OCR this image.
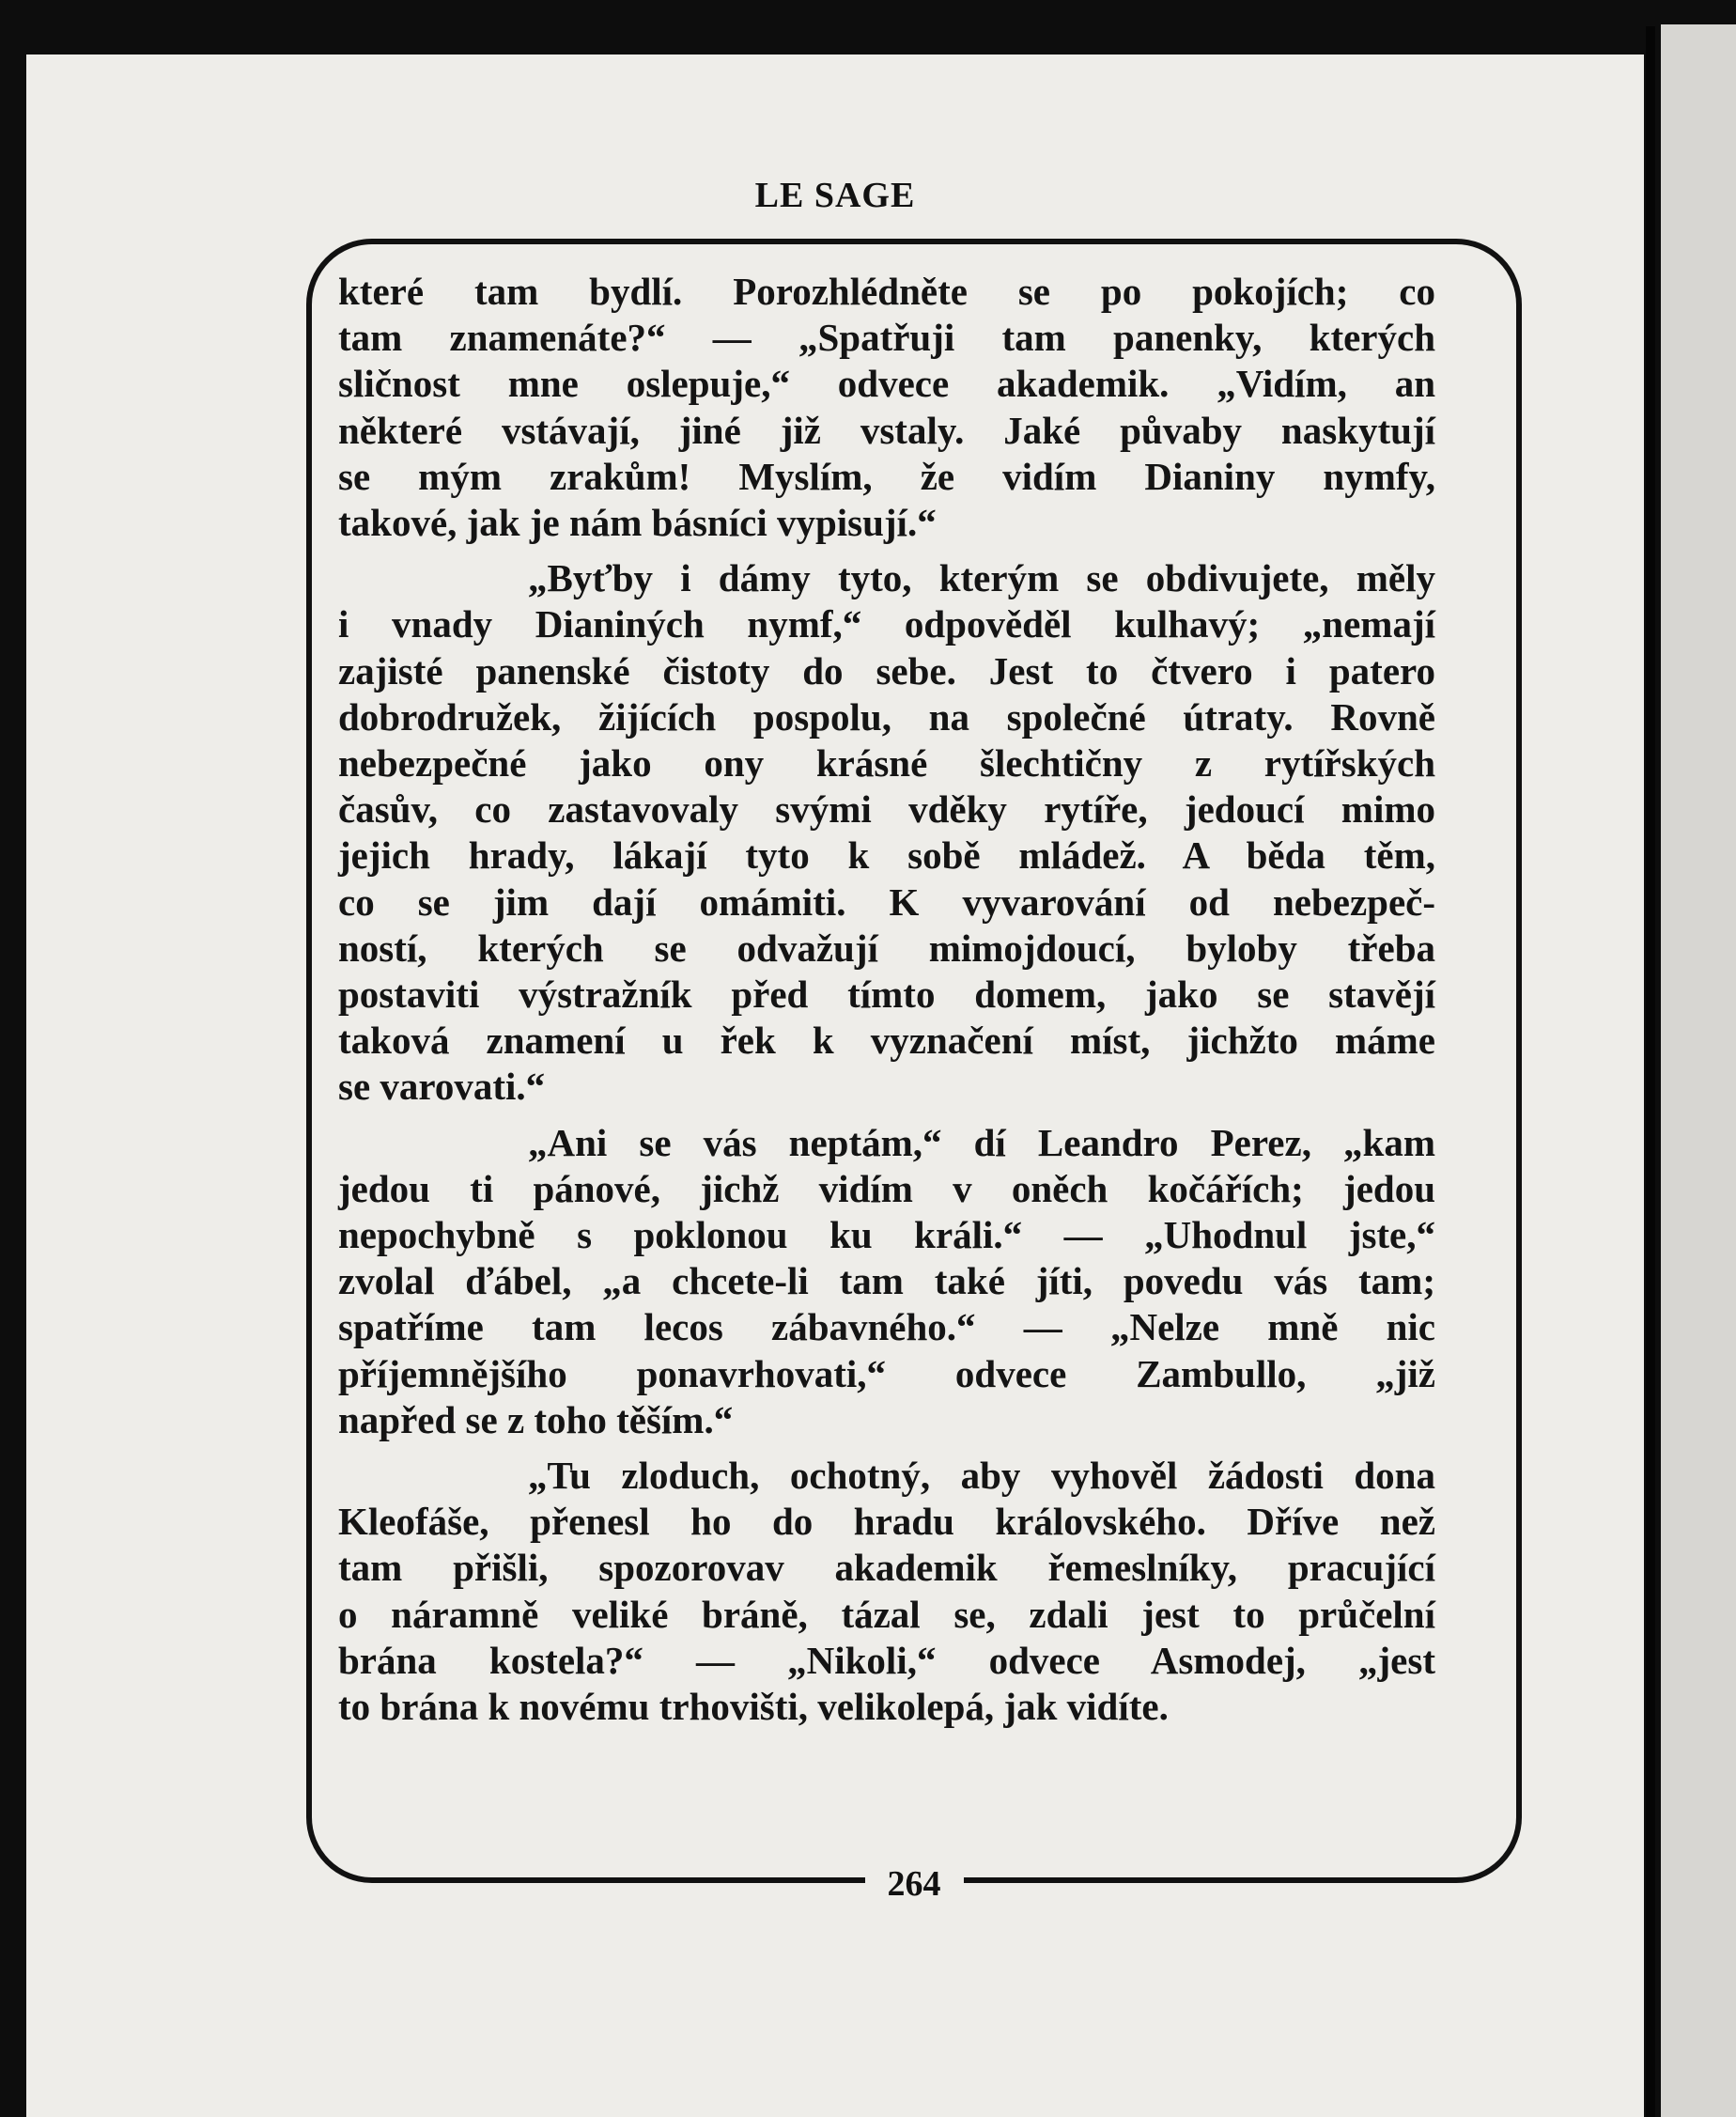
LE SAGE
264
které tam bydlí. Porozhlédněte se po pokojích; co
tam znamenáte?“ — „Spatřuji tam panenky, kterých
sličnost mne oslepuje,“ odvece akademik. „Vidím, an
některé vstávají, jiné již vstaly. Jaké půvaby naskytují
se mým zrakům! Myslím, že vidím Dianiny nymfy,
takové, jak je nám básníci vypisují.“
„Byťby i dámy tyto, kterým se obdivujete, měly
i vnady Dianiných nymf,“ odpověděl kulhavý; „nemají
zajisté panenské čistoty do sebe. Jest to čtvero i patero
dobrodružek, žijících pospolu, na společné útraty. Rovně
nebezpečné jako ony krásné šlechtičny z rytířských
časův, co zastavovaly svými vděky rytíře, jedoucí mimo
jejich hrady, lákají tyto k sobě mládež. A běda těm,
co se jim dají omámiti. K vyvarování od nebezpeč-
ností, kterých se odvažují mimojdoucí, byloby třeba
postaviti výstražník před tímto domem, jako se stavějí
taková znamení u řek k vyznačení míst, jichžto máme
se varovati.“
„Ani se vás neptám,“ dí Leandro Perez, „kam
jedou ti pánové, jichž vidím v oněch kočářích; jedou
nepochybně s poklonou ku králi.“ — „Uhodnul jste,“
zvolal ďábel, „a chcete-li tam také jíti, povedu vás tam;
spatříme tam lecos zábavného.“ — „Nelze mně nic
příjemnějšího ponavrhovati,“ odvece Zambullo, „již
napřed se z toho těším.“
„Tu zloduch, ochotný, aby vyhověl žádosti dona
Kleofáše, přenesl ho do hradu královského. Dříve než
tam přišli, spozorovav akademik řemeslníky, pracující
o náramně veliké bráně, tázal se, zdali jest to průčelní
brána kostela?“ — „Nikoli,“ odvece Asmodej, „jest
to brána k novému trhovišti, velikolepá, jak vidíte.
